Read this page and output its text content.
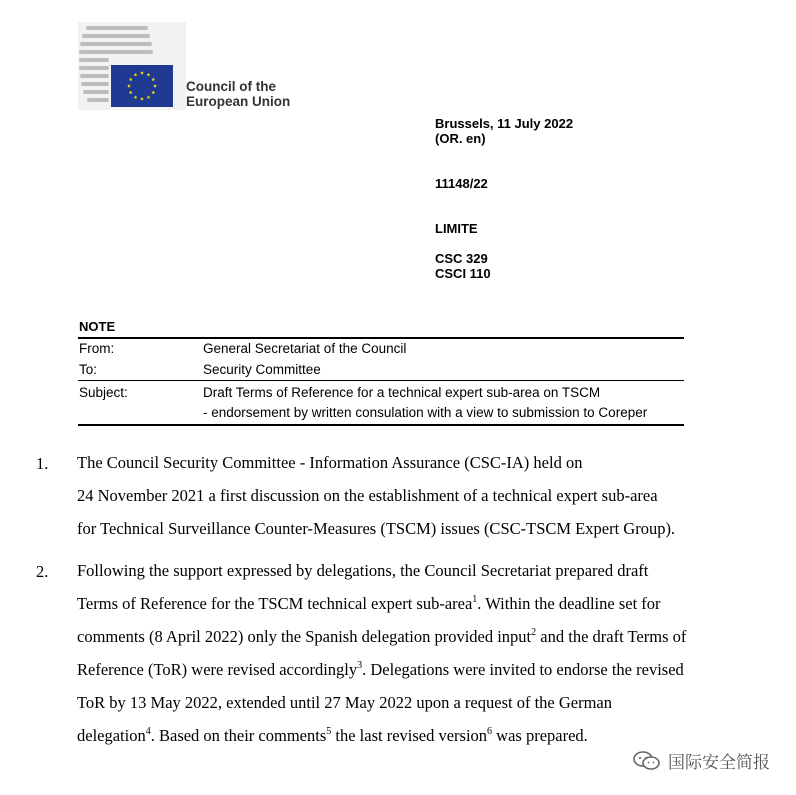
Council of the
European Union
Brussels, 11 July 2022
(OR. en)
11148/22
LIMITE
CSC 329
CSCI 110
NOTE
From:	General Secretariat of the Council
To:	Security Committee
Subject:	Draft Terms of Reference for a technical expert sub-area on TSCM
- endorsement by written consulation with a view to submission to Coreper
1. The Council Security Committee - Information Assurance (CSC-IA) held on
24 November 2021 a first discussion on the establishment of a technical expert sub-area
for Technical Surveillance Counter-Measures (TSCM) issues (CSC-TSCM Expert Group).
2. Following the support expressed by delegations, the Council Secretariat prepared draft
Terms of Reference for the TSCM technical expert sub-area$^1$. Within the deadline set for
comments (8 April 2022) only the Spanish delegation provided input$^2$ and the draft Terms of
Reference (ToR) were revised accordingly$^3$. Delegations were invited to endorse the revised
ToR by 13 May 2022, extended until 27 May 2022 upon a request of the German
delegation$^4$. Based on their comments$^5$ the last revised version$^6$ was prepared.
国际安全简报
